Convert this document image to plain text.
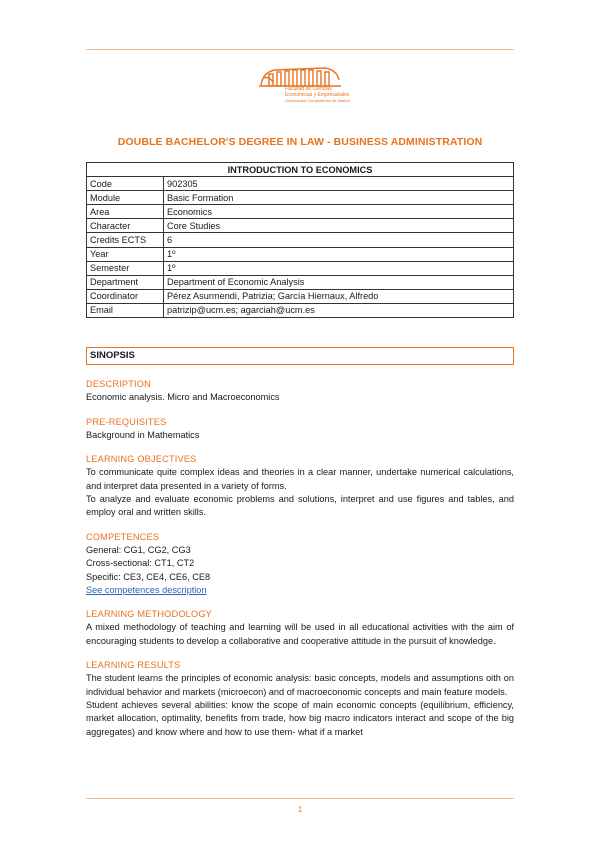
Facultad de Ciencias
Económicas y Empresariales
Universidad Complutense de Madrid
DOUBLE BACHELOR'S DEGREE IN LAW - BUSINESS ADMINISTRATION
INTRODUCTION TO ECONOMICS	
Code	902305
Module	Basic Formation
Area	Economics
Character	Core Studies
Credits ECTS	6
Year	1º
Semester	1º
Department	Department of Economic Analysis
Coordinator	Pérez Asurmendi, Patrizia; García Hiernaux, Alfredo
Email	patrizip@ucm.es; agarciah@ucm.es
SINOPSIS
DESCRIPTION

Economic analysis. Micro and Macroeconomics

PRE-REQUISITES

Background in Mathematics

LEARNING OBJECTIVES

To communicate quite complex ideas and theories in a clear manner, undertake numerical calculations, and interpret data presented in a variety of forms.

To analyze and evaluate economic problems and solutions, interpret and use figures and tables, and employ oral and written skills.

COMPETENCES

General: CG1, CG2, CG3

Cross-sectional: CT1, CT2

Specific: CE3, CE4, CE6, CE8

See competences description

LEARNING METHODOLOGY

A mixed methodology of teaching and learning will be used in all educational activities with the aim of encouraging students to develop a collaborative and cooperative attitude in the pursuit of knowledge.

LEARNING RESULTS

The student learns the principles of economic analysis: basic concepts, models and assumptions oith on individual behavior and markets (microecon) and of macroeconomic concepts and main feature models.

Student achieves several abilities: know the scope of main economic concepts (equilibrium, efficiency, market allocation, optimality, benefits from trade, how big macro indicators interact and scope of the big aggregates) and know where and how to use them- what if a market

1
